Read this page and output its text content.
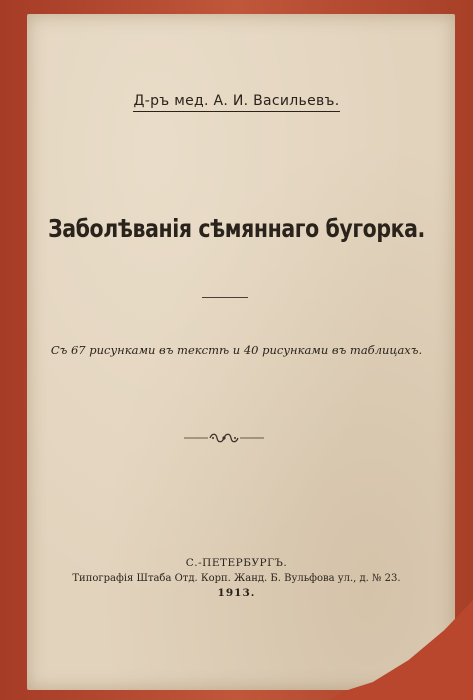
Д-ръ мед. А. И. Васильевъ.
Заболѣванія сѣмяннаго бугорка.
Съ 67 рисунками въ текстѣ и 40 рисунками въ таблицахъ.
С.-ПЕТЕРБУРГЪ.
Типографія Штаба Отд. Корп. Жанд. Б. Вульфова ул., д. № 23.
1913.
